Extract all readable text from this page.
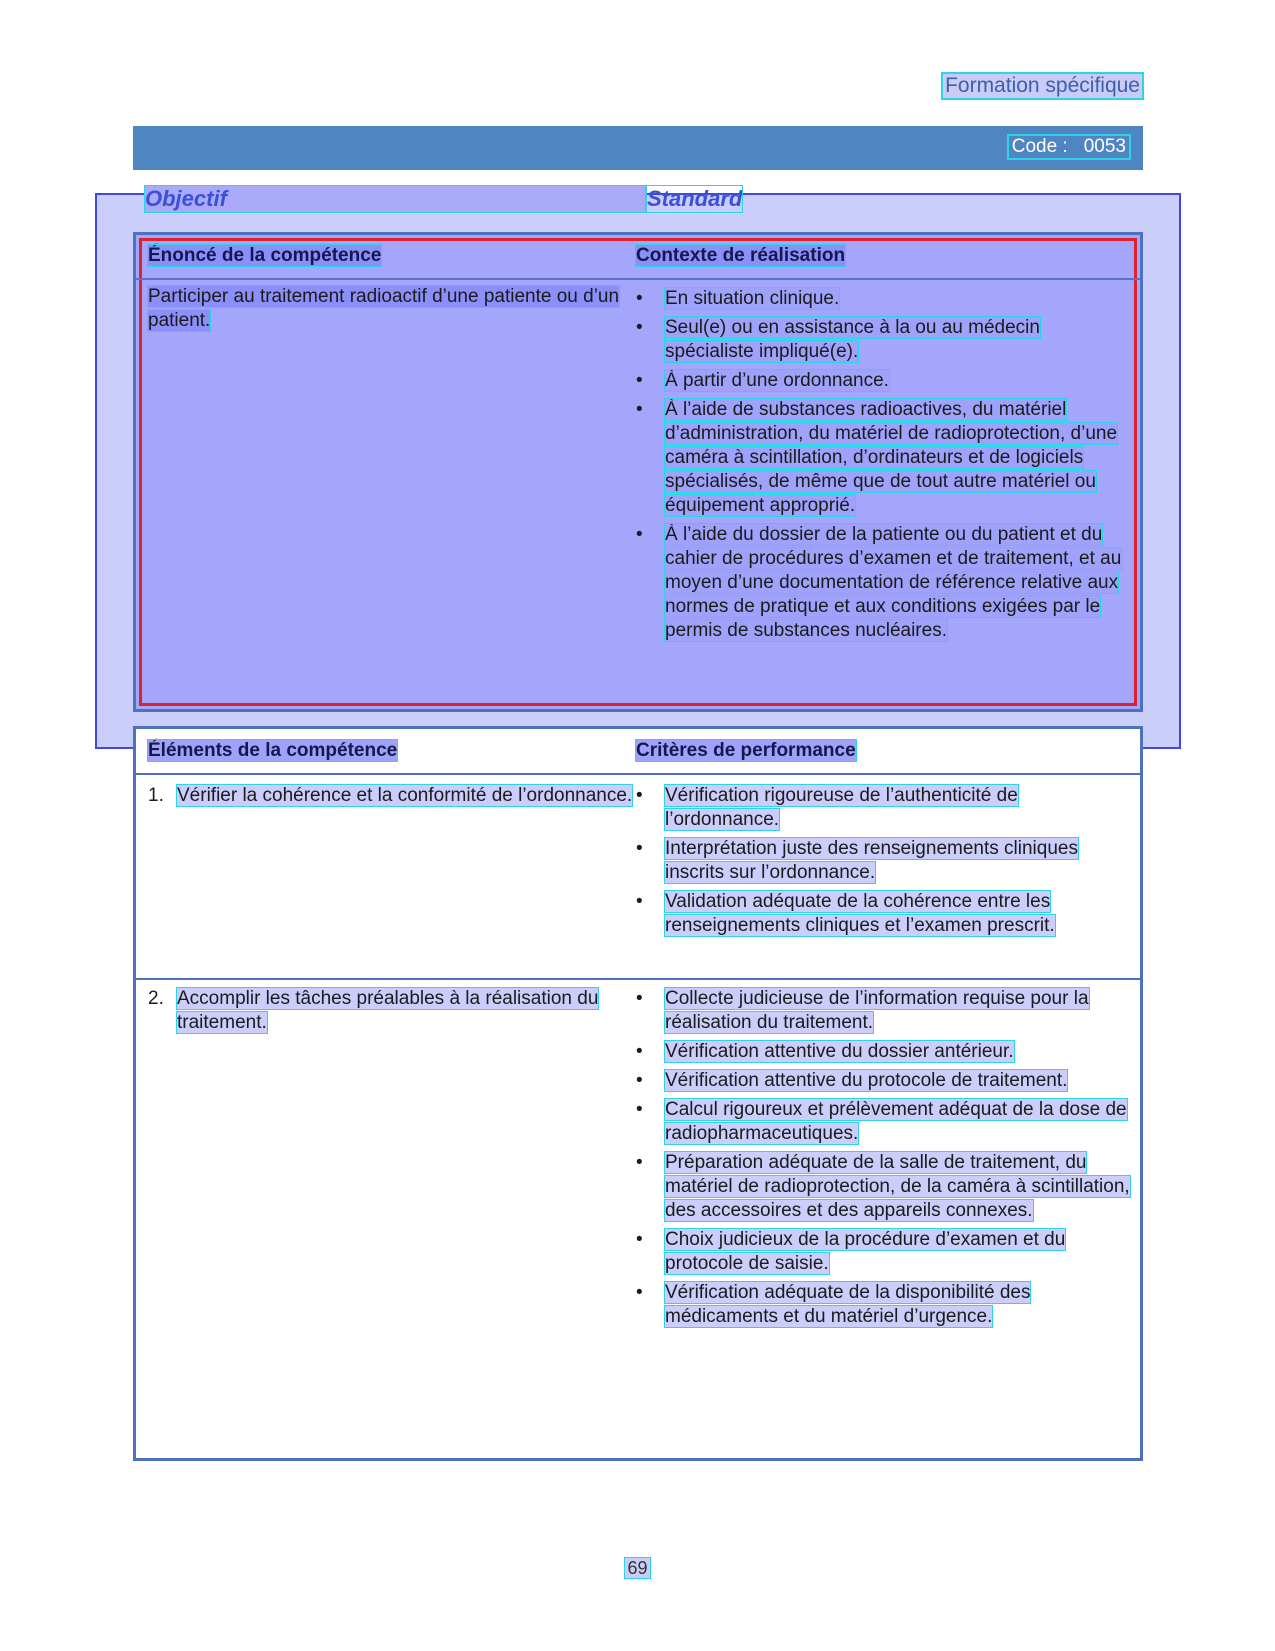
Formation spécifique
Code : 0053
Objectif	Standard
Énoncé de la compétence	Contexte de réalisation
Participer au traitement radioactif d’une patiente ou d’un patient.
• En situation clinique.
• Seul(e) ou en assistance à la ou au médecin spécialiste impliqué(e).
• À partir d’une ordonnance.
• À l’aide de substances radioactives, du matériel d’administration, du matériel de radioprotection, d’une caméra à scintillation, d’ordinateurs et de logiciels spécialisés, de même que de tout autre matériel ou équipement approprié.
• À l’aide du dossier de la patiente ou du patient et du cahier de procédures d’examen et de traitement, et au moyen d’une documentation de référence relative aux normes de pratique et aux conditions exigées par le permis de substances nucléaires.
Éléments de la compétence	Critères de performance
1. Vérifier la cohérence et la conformité de l’ordonnance.
•	Vérification rigoureuse de l’authenticité de l’ordonnance.
• Interprétation juste des renseignements cliniques inscrits sur l’ordonnance.
• Validation adéquate de la cohérence entre les renseignements cliniques et l’examen prescrit.
2. Accomplir les tâches préalables à la réalisation du traitement.
• Collecte judicieuse de l’information requise pour la réalisation du traitement.
• Vérification attentive du dossier antérieur.
• Vérification attentive du protocole de traitement.
• Calcul rigoureux et prélèvement adéquat de la dose de radiopharmaceutiques.
• Préparation adéquate de la salle de traitement, du matériel de radioprotection, de la caméra à scintillation, des accessoires et des appareils connexes.
• Choix judicieux de la procédure d’examen et du protocole de saisie.
• Vérification adéquate de la disponibilité des médicaments et du matériel d’urgence.
69
